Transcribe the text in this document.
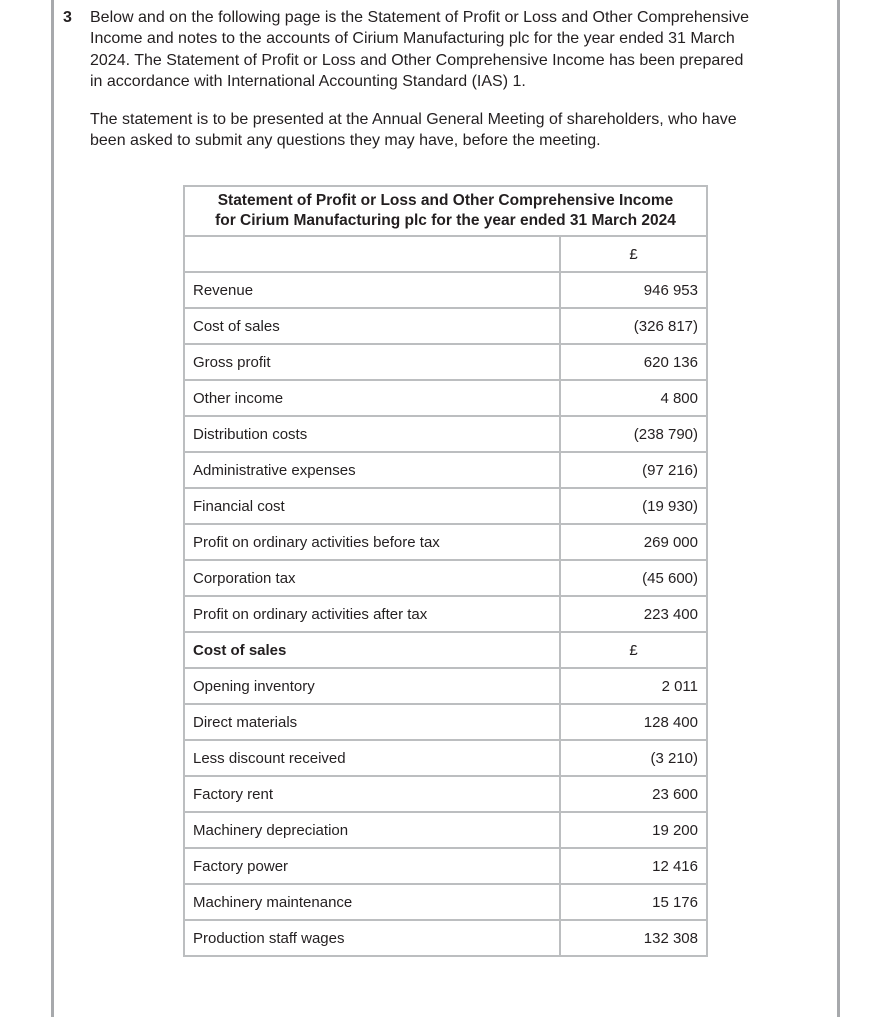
3 Below and on the following page is the Statement of Profit or Loss and Other Comprehensive Income and notes to the accounts of Cirium Manufacturing plc for the year ended 31 March 2024. The Statement of Profit or Loss and Other Comprehensive Income has been prepared in accordance with International Accounting Standard (IAS) 1.

The statement is to be presented at the Annual General Meeting of shareholders, who have been asked to submit any questions they may have, before the meeting.

Statement of Profit or Loss and Other Comprehensive Income
for Cirium Manufacturing plc for the year ended 31 March 2024	
	£
Revenue	946 953
Cost of sales	(326 817)
Gross profit	620 136
Other income	4 800
Distribution costs	(238 790)
Administrative expenses	(97 216)
Financial cost	(19 930)
Profit on ordinary activities before tax	269 000
Corporation tax	(45 600)
Profit on ordinary activities after tax	223 400
Cost of sales	£
Opening inventory	2 011
Direct materials	128 400
Less discount received	(3 210)
Factory rent	23 600
Machinery depreciation	19 200
Factory power	12 416
Machinery maintenance	15 176
Production staff wages	132 308
